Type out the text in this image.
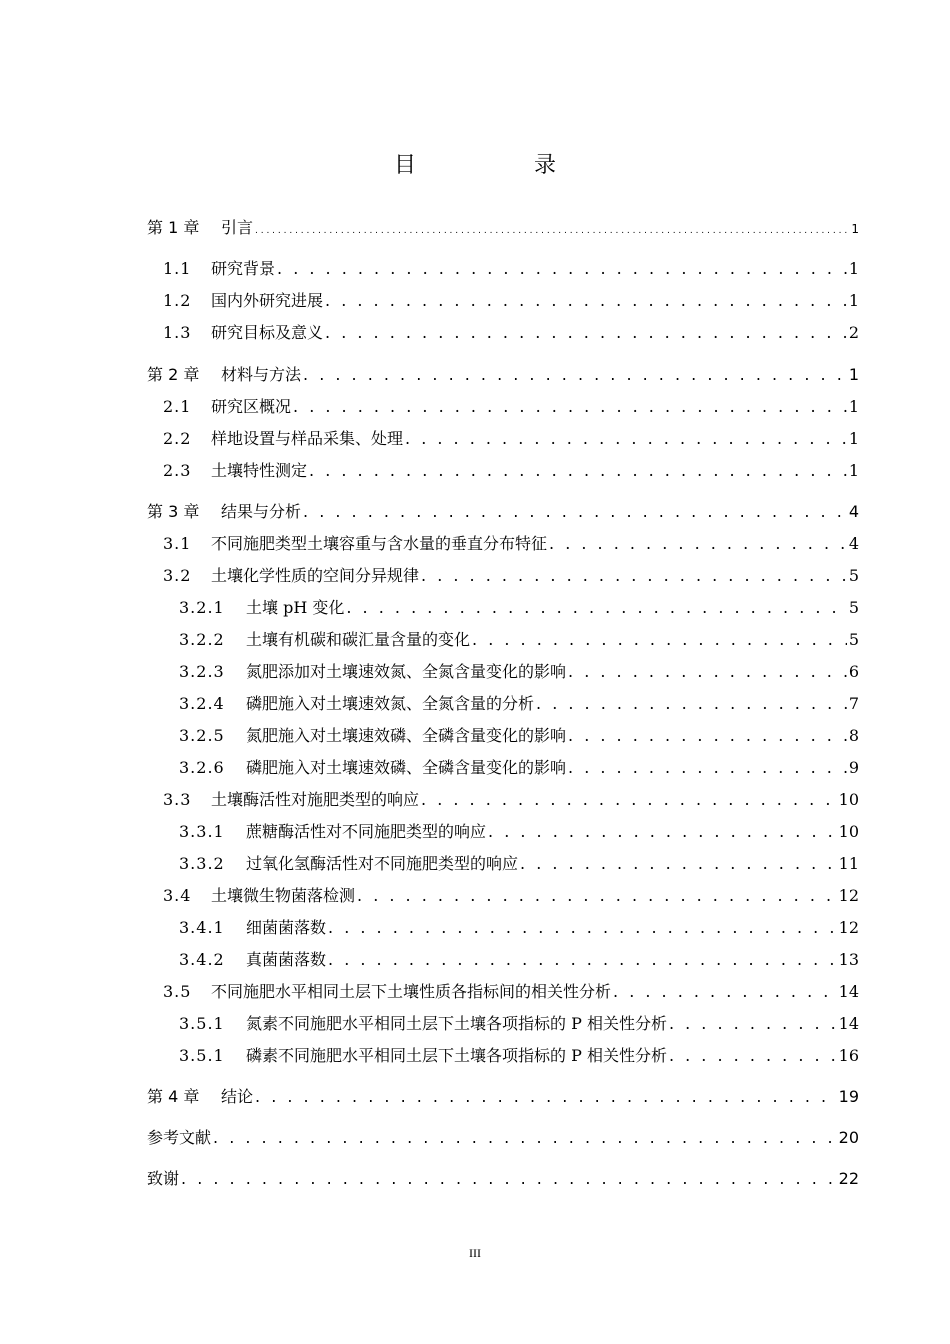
目　录
第 1 章	引言 . . .	1
1.1	研究背景 . . .	1
1.2	国内外研究进展 . . .	1
1.3	研究目标及意义 . . .	2
第 2 章	材料与方法 . . .	1
2.1	研究区概况 . . .	1
2.2	样地设置与样品采集、处理 . . .	1
2.3	土壤特性测定 . . .	1
第 3 章	结果与分析 . . .	4
3.1	不同施肥类型土壤容重与含水量的垂直分布特征 . . .	4
3.2	土壤化学性质的空间分异规律 . . .	5
3.2.1	土壤 pH 变化 . . .	5
3.2.2	土壤有机碳和碳汇量含量的变化 . . .	5
3.2.3	氮肥添加对土壤速效氮、全氮含量变化的影响 . . .	6
3.2.4	磷肥施入对土壤速效氮、全氮含量的分析 . . .	7
3.2.5	氮肥施入对土壤速效磷、全磷含量变化的影响 . . .	8
3.2.6	磷肥施入对土壤速效磷、全磷含量变化的影响 . . .	9
3.3	土壤酶活性对施肥类型的响应 . . .	10
3.3.1	蔗糖酶活性对不同施肥类型的响应 . . .	10
3.3.2	过氧化氢酶活性对不同施肥类型的响应 . . .	11
3.4	土壤微生物菌落检测 . . .	12
3.4.1	细菌菌落数 . . .	12
3.4.2	真菌菌落数 . . .	13
3.5	不同施肥水平相同土层下土壤性质各指标间的相关性分析 . . .	14
3.5.1	氮素不同施肥水平相同土层下土壤各项指标的 P 相关性分析 . . .	14
3.5.1	磷素不同施肥水平相同土层下土壤各项指标的 P 相关性分析 . . .	16
第 4 章	结论 . . .	19
参考文献 . . .	20
致谢 . . .	22
III
